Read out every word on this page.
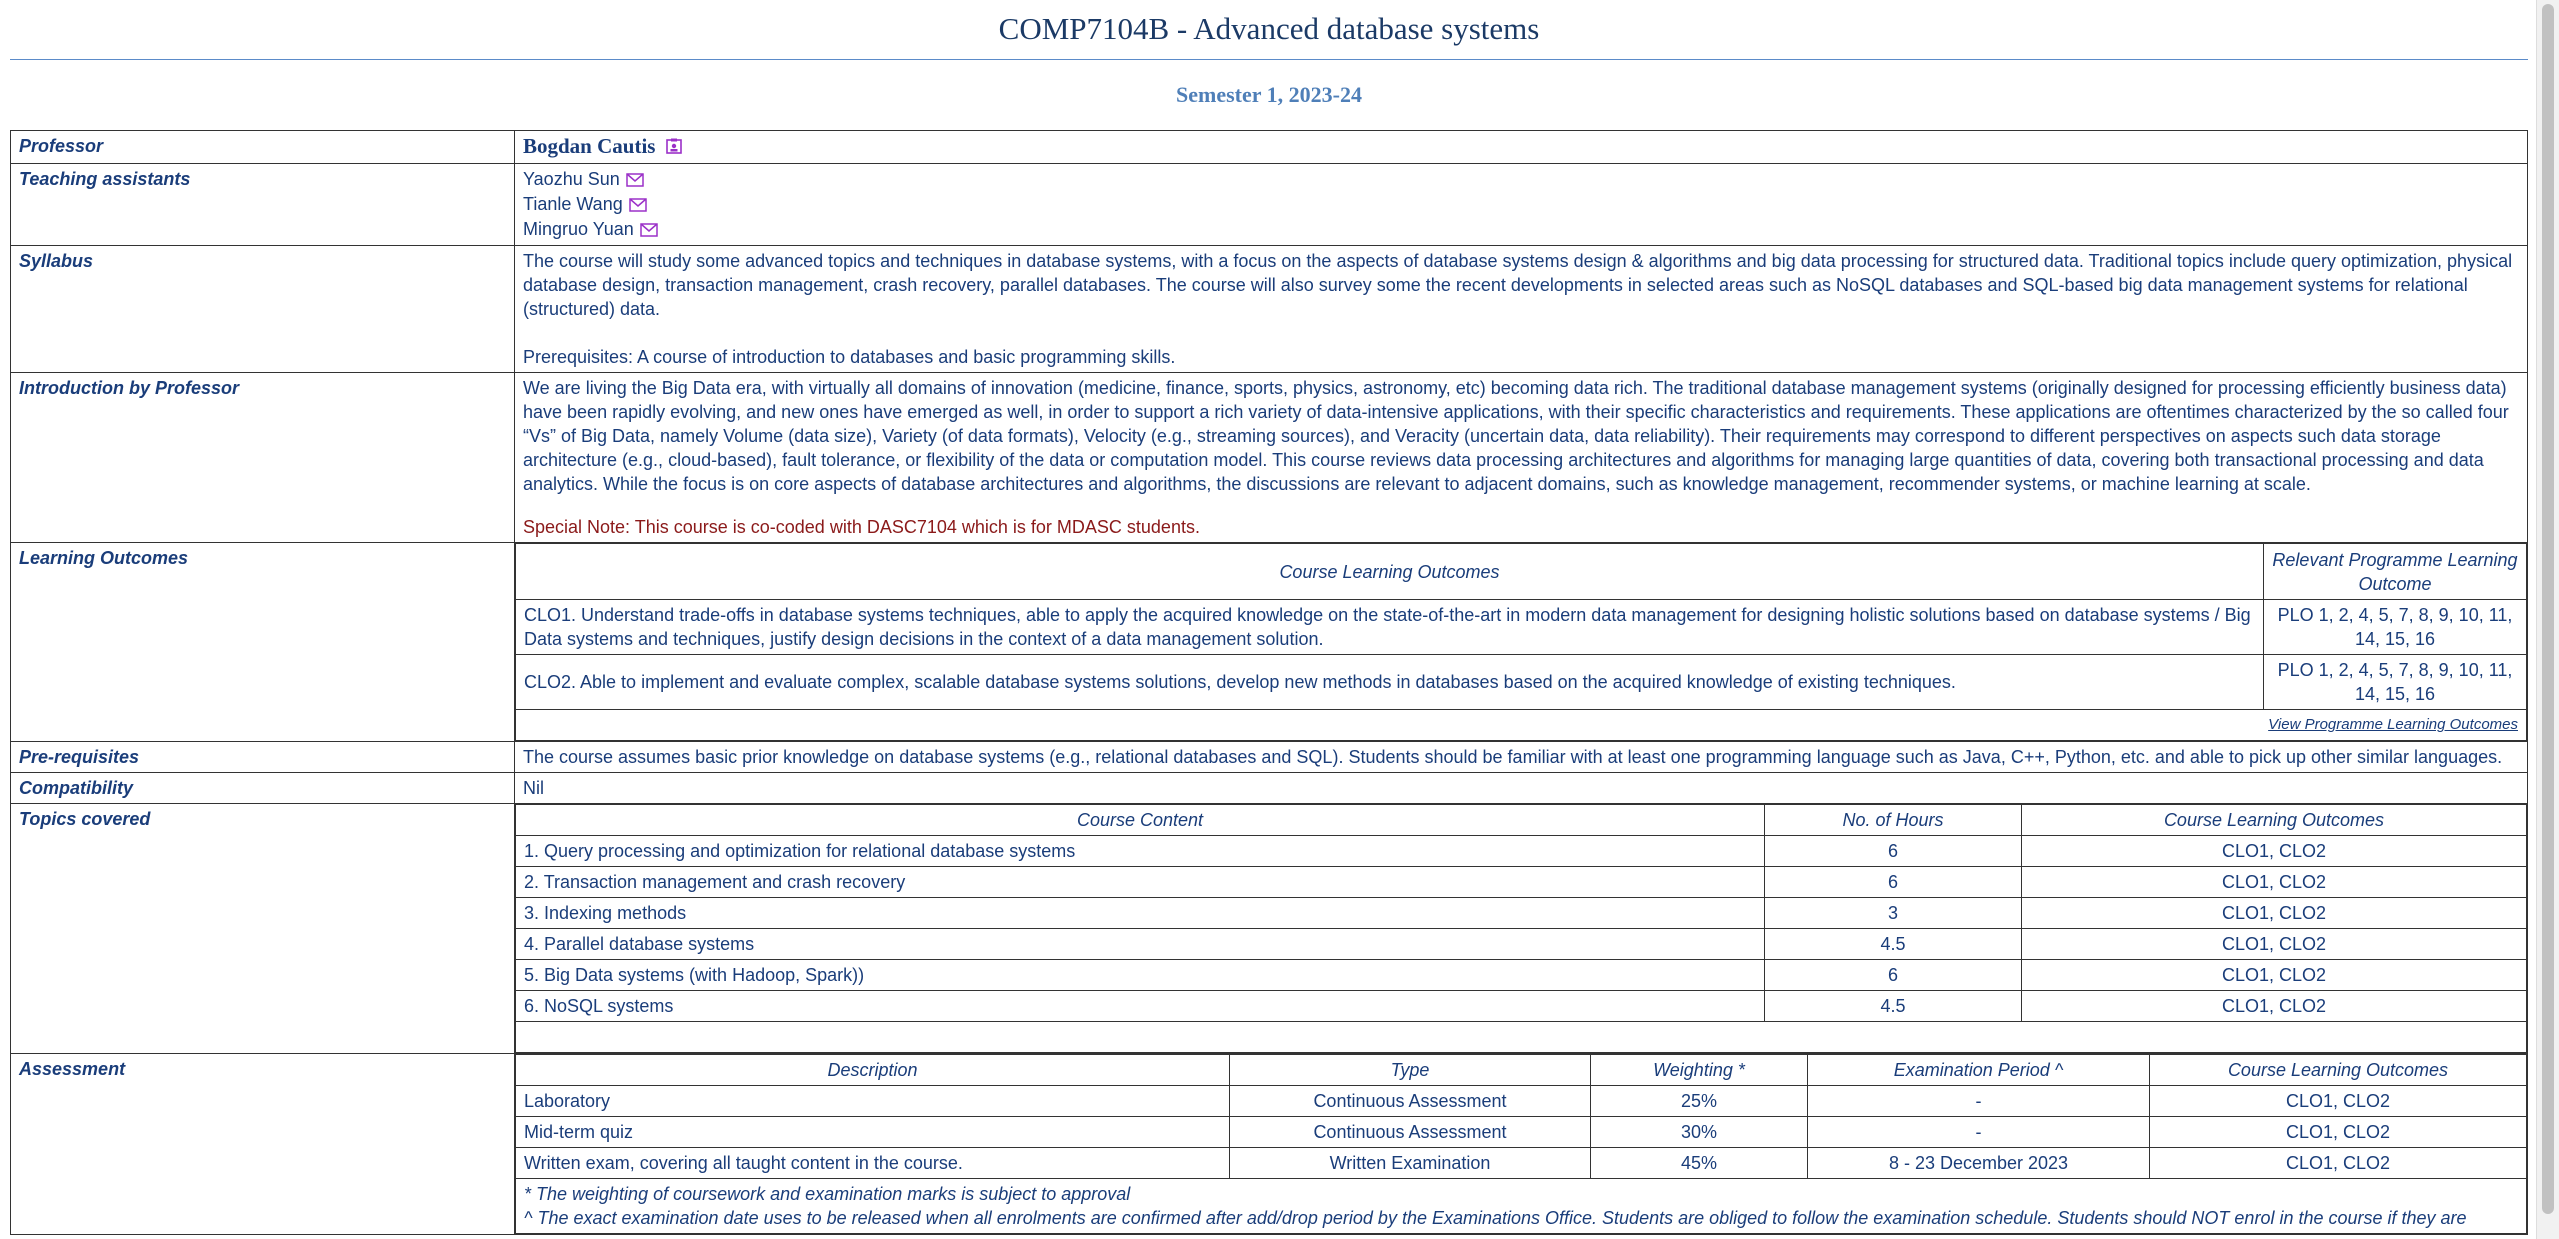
COMP7104B - Advanced database systems
Semester 1, 2023-24
Professor	Bogdan Cautis
Teaching assistants	Yaozhu Sun
Tianle Wang
Mingruo Yuan

Syllabus	The course will study some advanced topics and techniques in database systems, with a focus on the aspects of database systems design & algorithms and big data processing for structured data. Traditional topics include query optimization, physical database design, transaction management, crash recovery, parallel databases. The course will also survey some the recent developments in selected areas such as NoSQL databases and SQL-based big data management systems for relational (structured) data.

Prerequisites: A course of introduction to databases and basic programming skills.

Introduction by Professor	We are living the Big Data era, with virtually all domains of innovation (medicine, finance, sports, physics, astronomy, etc) becoming data rich. The traditional database management systems (originally designed for processing efficiently business data) have been rapidly evolving, and new ones have emerged as well, in order to support a rich variety of data-intensive applications, with their specific characteristics and requirements. These applications are oftentimes characterized by the so called four “Vs” of Big Data, namely Volume (data size), Variety (of data formats), Velocity (e.g., streaming sources), and Veracity (uncertain data, data reliability). Their requirements may correspond to different perspectives on aspects such data storage architecture (e.g., cloud-based), fault tolerance, or flexibility of the data or computation model. This course reviews data processing architectures and algorithms for managing large quantities of data, covering both transactional processing and data analytics. While the focus is on core aspects of database architectures and algorithms, the discussions are relevant to adjacent domains, such as knowledge management, recommender systems, or machine learning at scale.

Special Note: This course is co-coded with DASC7104 which is for MDASC students.

Learning Outcomes	
Course Learning Outcomes	Relevant Programme Learning Outcome
CLO1. Understand trade-offs in database systems techniques, able to apply the acquired knowledge on the state-of-the-art in modern data management for designing holistic solutions based on database systems / Big Data systems and techniques, justify design decisions in the context of a data management solution.	PLO 1, 2, 4, 5, 7, 8, 9, 10, 11, 14, 15, 16
CLO2. Able to implement and evaluate complex, scalable database systems solutions, develop new methods in databases based on the acquired knowledge of existing techniques.	PLO 1, 2, 4, 5, 7, 8, 9, 10, 11, 14, 15, 16
View Programme Learning Outcomes

Pre-requisites	The course assumes basic prior knowledge on database systems (e.g., relational databases and SQL). Students should be familiar with at least one programming language such as Java, C++, Python, etc. and able to pick up other similar languages.
Compatibility	Nil
Topics covered		Course Content	No. of Hours	Course Learning Outcomes
1. Query processing and optimization for relational database systems	6	CLO1, CLO2
2. Transaction management and crash recovery	6	CLO1, CLO2
3. Indexing methods	3	CLO1, CLO2
4. Parallel database systems	4.5	CLO1, CLO2
5. Big Data systems (with Hadoop, Spark))	6	CLO1, CLO2
6. NoSQL systems	4.5	CLO1, CLO2

Assessment		Description	Type	Weighting *	Examination Period ^	Course Learning Outcomes
Laboratory	Continuous Assessment	25%	-	CLO1, CLO2
Mid-term quiz	Continuous Assessment	30%	-	CLO1, CLO2
Written exam, covering all taught content in the course.	Written Examination	45%	8 - 23 December 2023	CLO1, CLO2

* The weighting of coursework and examination marks is subject to approval
^ The exact examination date uses to be released when all enrolments are confirmed after add/drop period by the Examinations Office. Students are obliged to follow the examination schedule. Students should NOT enrol in the course if they are
